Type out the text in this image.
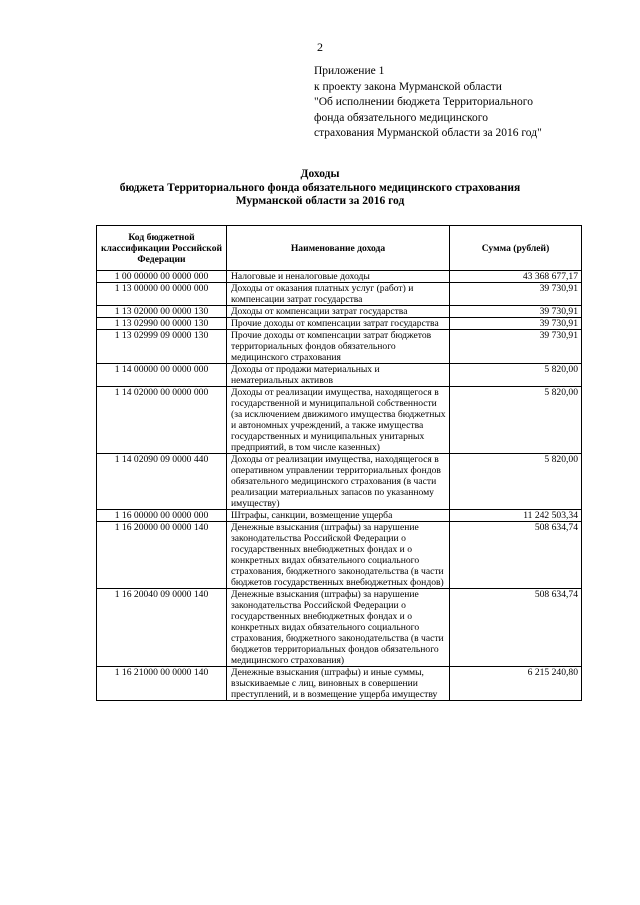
2
Приложение 1
к проекту закона Мурманской области
"Об исполнении бюджета Территориального
фонда обязательного медицинского
страхования Мурманской области за 2016 год"
Доходы
бюджета Территориального фонда обязательного медицинского страхования
Мурманской области за 2016 год
Код бюджетной классификации Российской Федерации	Наименование дохода	Сумма (рублей)
1 00 00000 00 0000 000	Налоговые и неналоговые доходы	43 368 677,17
1 13 00000 00 0000 000	Доходы от оказания платных услуг (работ) и компенсации затрат государства	39 730,91
1 13 02000 00 0000 130	Доходы от компенсации затрат государства	39 730,91
1 13 02990 00 0000 130	Прочие доходы от компенсации затрат государства	39 730,91
1 13 02999 09 0000 130	Прочие доходы от компенсации затрат бюджетов территориальных фондов обязательного медицинского страхования	39 730,91
1 14 00000 00 0000 000	Доходы от продажи материальных и нематериальных активов	5 820,00
1 14 02000 00 0000 000	Доходы от реализации имущества, находящегося в государственной и муниципальной собственности (за исключением движимого имущества бюджетных и автономных учреждений, а также имущества государственных и муниципальных унитарных предприятий, в том числе казенных)	5 820,00
1 14 02090 09 0000 440	Доходы от реализации имущества, находящегося в оперативном управлении территориальных фондов обязательного медицинского страхования (в части реализации материальных запасов по указанному имуществу)	5 820,00
1 16 00000 00 0000 000	Штрафы, санкции, возмещение ущерба	11 242 503,34
1 16 20000 00 0000 140	Денежные взыскания (штрафы) за нарушение законодательства Российской Федерации о государственных внебюджетных фондах и о конкретных видах обязательного социального страхования, бюджетного законодательства (в части бюджетов государственных внебюджетных фондов)	508 634,74
1 16 20040 09 0000 140	Денежные взыскания (штрафы) за нарушение законодательства Российской Федерации о государственных внебюджетных фондах и о конкретных видах обязательного социального страхования, бюджетного законодательства (в части бюджетов территориальных фондов обязательного медицинского страхования)	508 634,74
1 16 21000 00 0000 140	Денежные взыскания (штрафы) и иные суммы, взыскиваемые с лиц, виновных в совершении преступлений, и в возмещение ущерба имуществу	6 215 240,80
